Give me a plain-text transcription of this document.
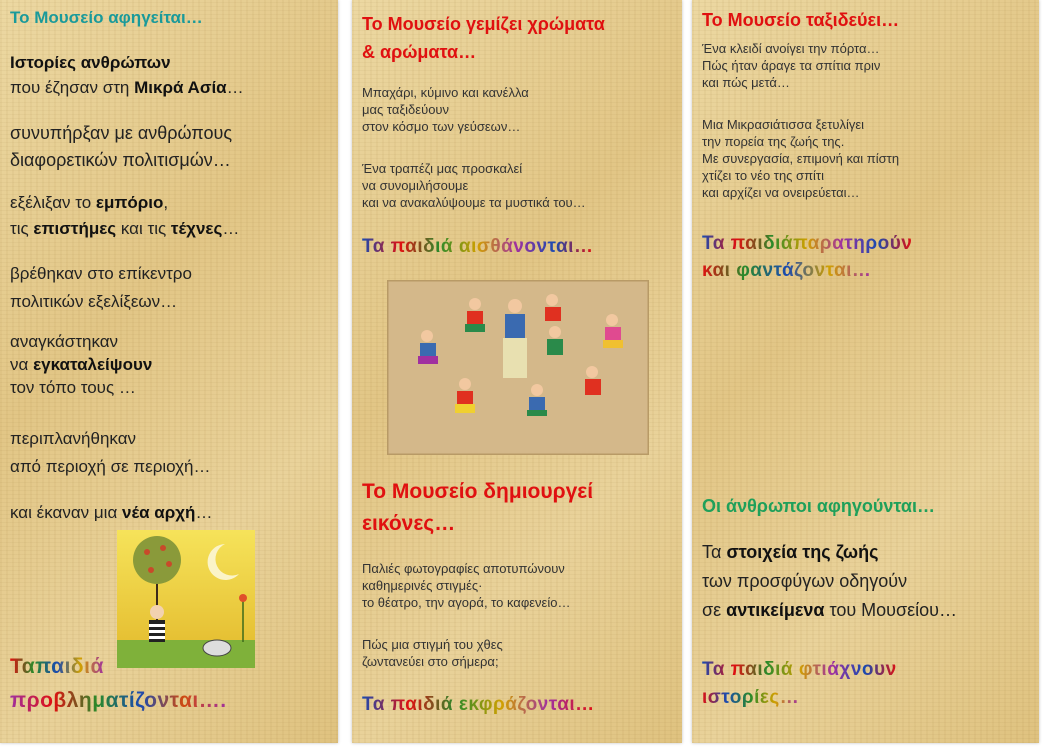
Το Μουσείο αφηγείται…
Ιστορίες ανθρώπων
που έζησαν στη Μικρά Ασία…
συνυπήρξαν με ανθρώπους
διαφορετικών πολιτισμών…
εξέλιξαν το εμπόριο,
τις επιστήμες και τις τέχνες…
βρέθηκαν στο επίκεντρο
πολιτικών εξελίξεων…
αναγκάστηκαν
να εγκαταλείψουν
τον τόπο τους …
περιπλανήθηκαν
από περιοχή σε περιοχή…
και έκαναν μια νέα αρχή…
Ταπαιδιά
προβληματίζονται….
Το Μουσείο γεμίζει χρώματα
& αρώματα…
Μπαχάρι, κύμινο και κανέλλα
μας ταξιδεύουν
στον κόσμο των γεύσεων…
Ένα τραπέζι μας προσκαλεί
να συνομιλήσουμε
και να ανακαλύψουμε τα μυστικά του…
Τα παιδιά αισθάνονται…
Το Μουσείο δημιουργεί
εικόνες…
Παλιές φωτογραφίες αποτυπώνουν
καθημερινές στιγμές·
το θέατρο, την αγορά, το καφενείο…
Πώς μια στιγμή του χθες
ζωντανεύει στο σήμερα;
Τα παιδιά εκφράζονται…
Το Μουσείο ταξιδεύει…
Ένα κλειδί ανοίγει την πόρτα…
Πώς ήταν άραγε τα σπίτια πριν
και πώς μετά…
Μια Μικρασιάτισσα ξετυλίγει
την πορεία της ζωής της.
Με συνεργασία, επιμονή και πίστη
χτίζει το νέο της σπίτι
και αρχίζει να ονειρεύεται…
Τα παιδιάπαρατηρούν
και φαντάζονται…
Οι άνθρωποι αφηγούνται…
Τα στοιχεία της ζωής
των προσφύγων οδηγούν
σε αντικείμενα του Μουσείου…
Τα παιδιά φτιάχνουν
ιστορίες…
